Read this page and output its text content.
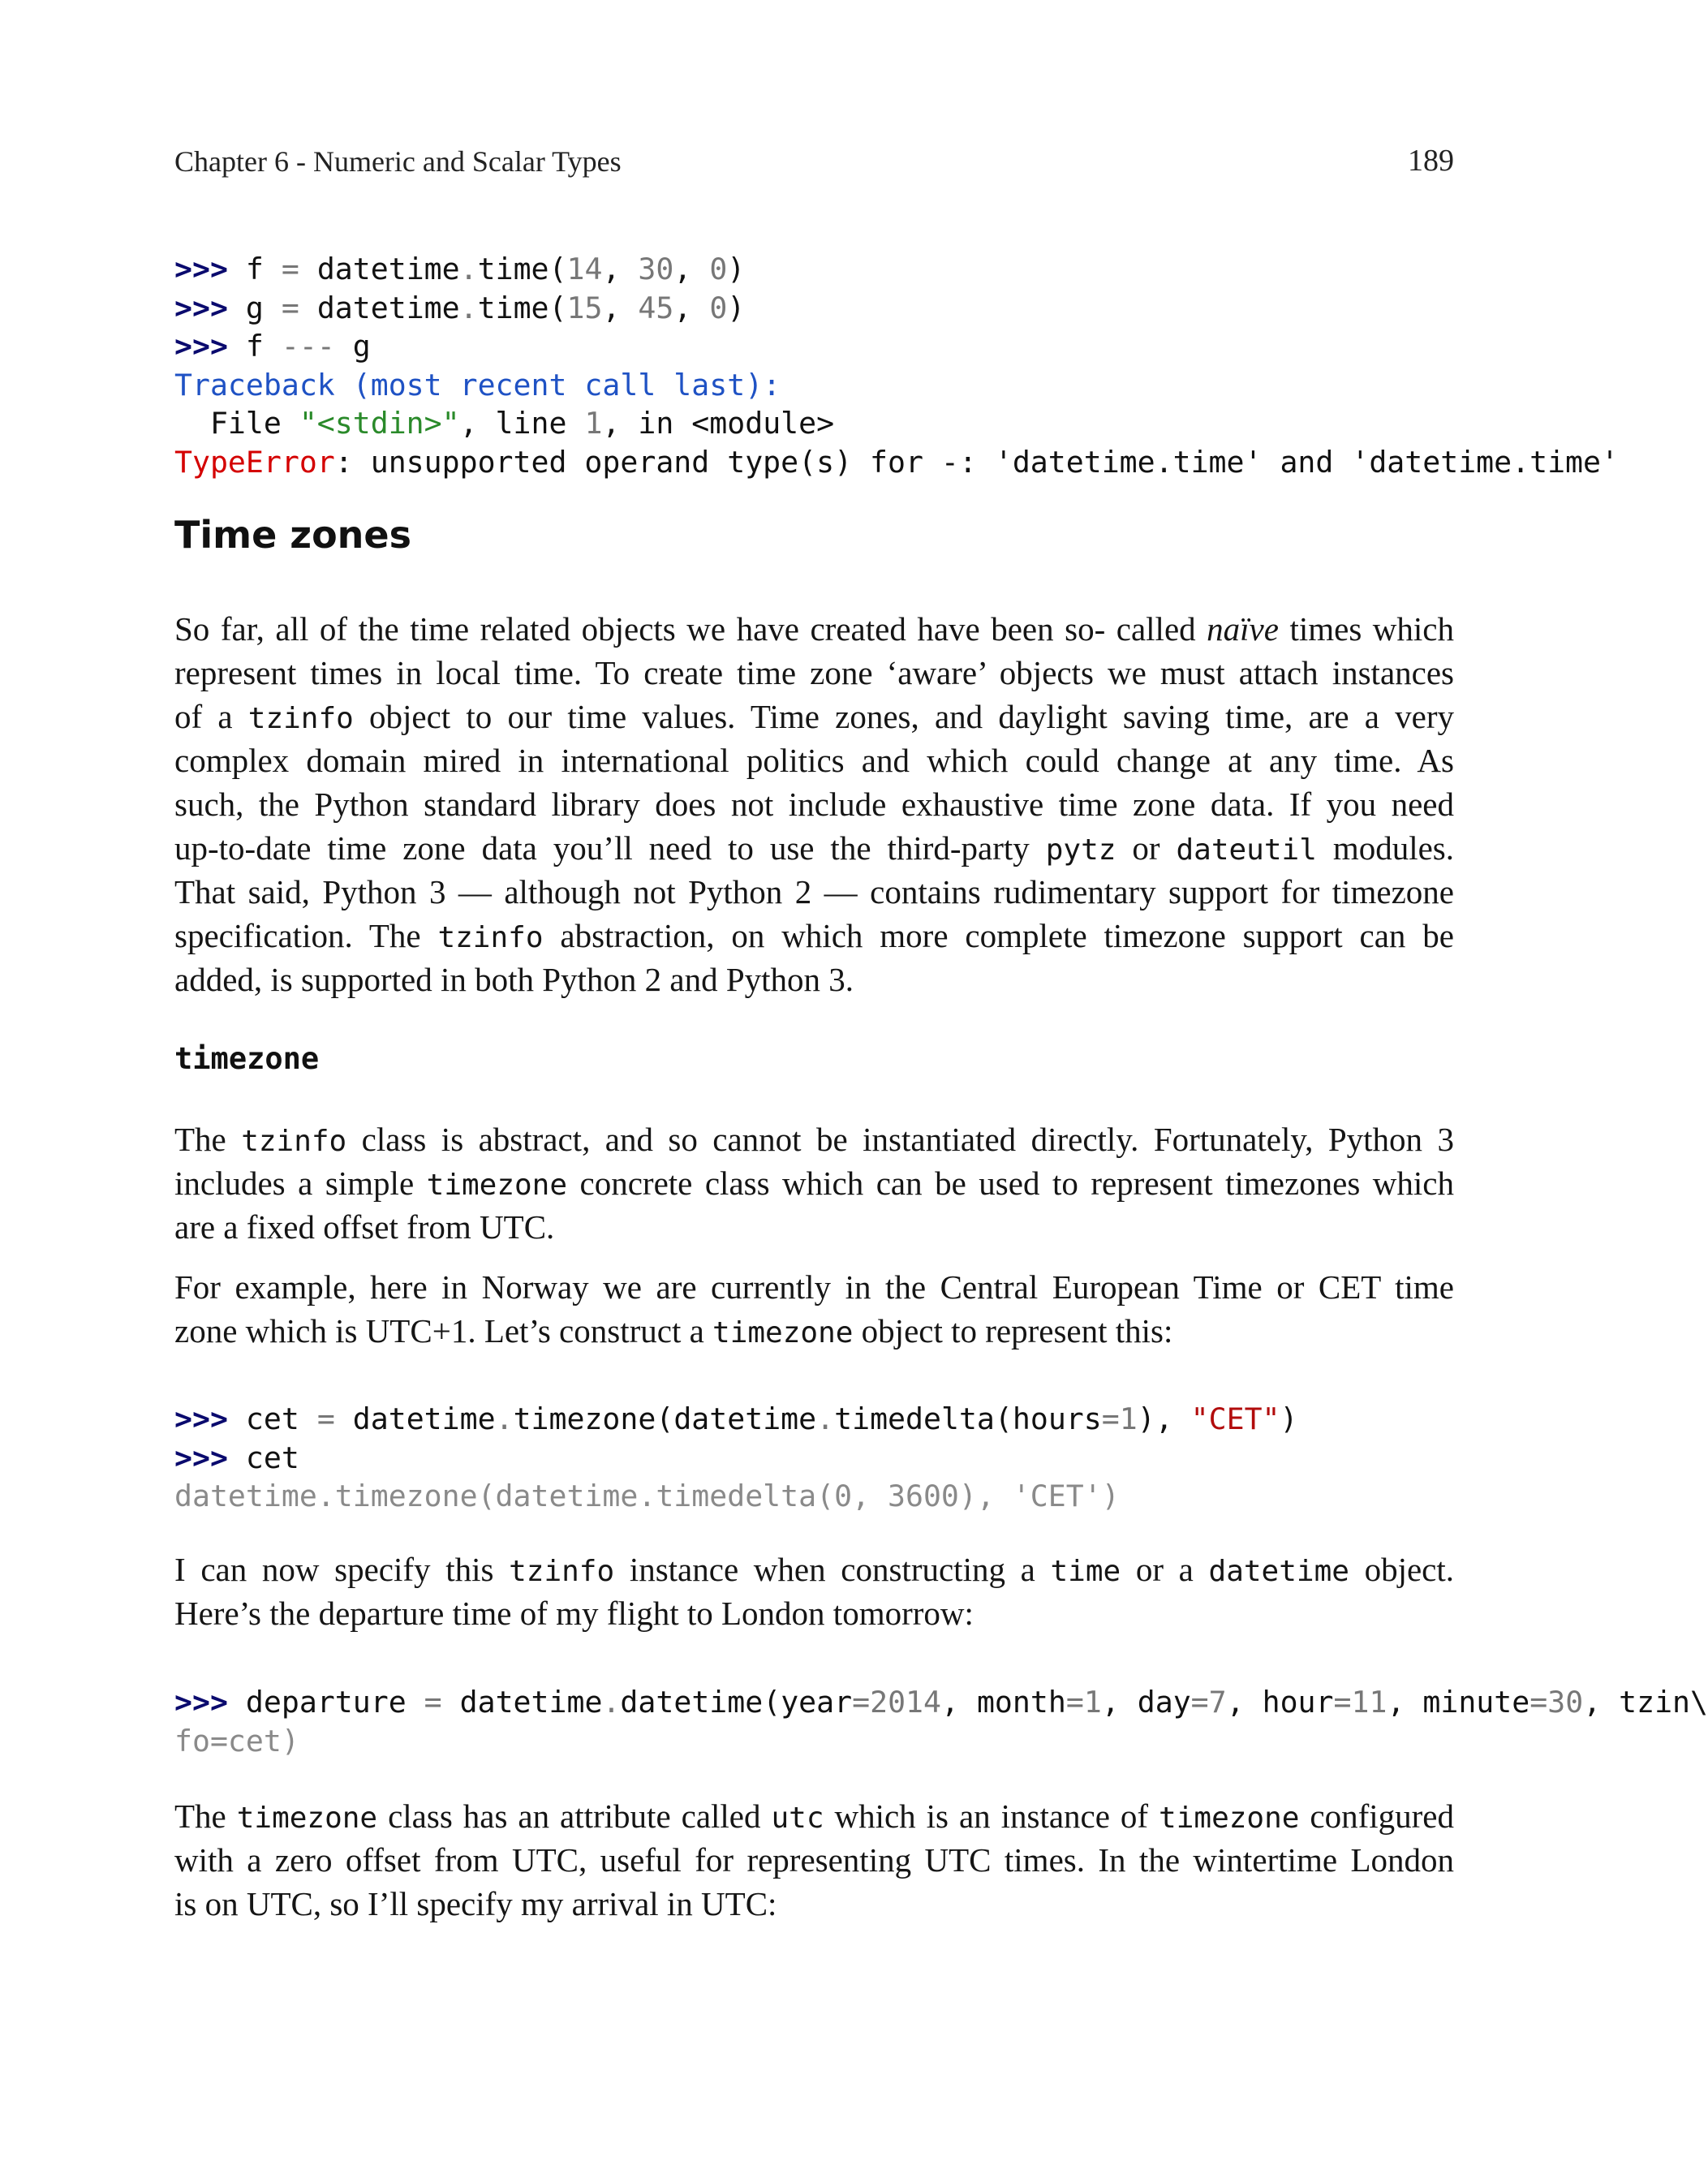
Chapter 6 - Numeric and Scalar Types	189
>>> f = datetime.time(14, 30, 0)
>>> g = datetime.time(15, 45, 0)
>>> f --- g
Traceback (most recent call last):
File "<stdin>", line 1, in <module>
TypeError: unsupported operand type(s) for -: 'datetime.time' and 'datetime.time'
Time zones

So far, all of the time related objects we have created have been so- called naïve times which
represent times in local time. To create time zone ‘aware’ objects we must attach instances
of a tzinfo object to our time values. Time zones, and daylight saving time, are a very
complex domain mired in international politics and which could change at any time. As
such, the Python standard library does not include exhaustive time zone data. If you need
up-to-date time zone data you’ll need to use the third-party pytz or dateutil modules.
That said, Python 3 — although not Python 2 — contains rudimentary support for timezone
specification. The tzinfo abstraction, on which more complete timezone support can be
added, is supported in both Python 2 and Python 3.

timezone

The tzinfo class is abstract, and so cannot be instantiated directly. Fortunately, Python 3
includes a simple timezone concrete class which can be used to represent timezones which
are a fixed offset from UTC.

For example, here in Norway we are currently in the Central European Time or CET time
zone which is UTC+1. Let’s construct a timezone object to represent this:

>>> cet = datetime.timezone(datetime.timedelta(hours=1), "CET")
>>> cet
datetime.timezone(datetime.timedelta(0, 3600), 'CET')

I can now specify this tzinfo instance when constructing a time or a datetime object.
Here’s the departure time of my flight to London tomorrow:

>>> departure = datetime.datetime(year=2014, month=1, day=7, hour=11, minute=30, tzin\
fo=cet)

The timezone class has an attribute called utc which is an instance of timezone configured
with a zero offset from UTC, useful for representing UTC times. In the wintertime London
is on UTC, so I’ll specify my arrival in UTC:
